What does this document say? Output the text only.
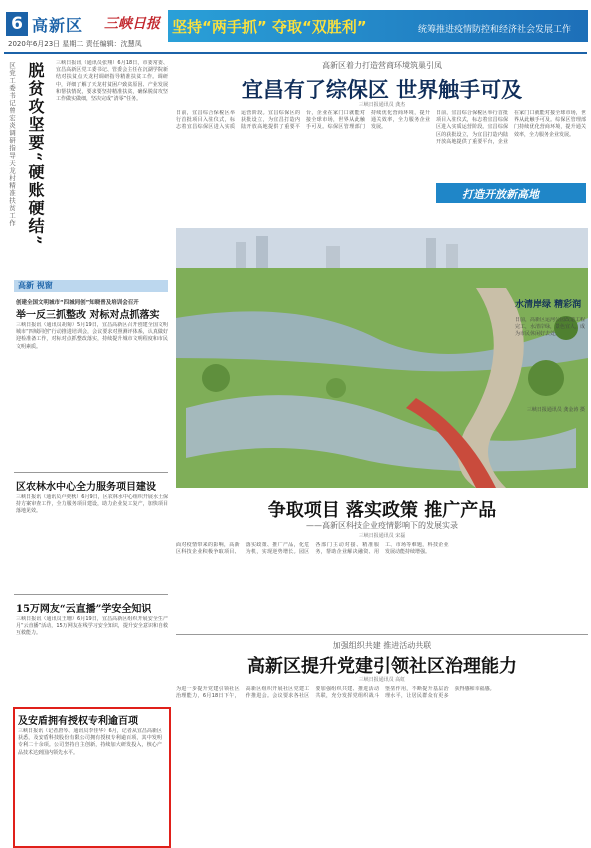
6 高新区 三峡日报
2020年6月23日 星期二 责任编辑：沈慧凤
坚持“两手抓” 夺取“双胜利”	统筹推进疫情防控和经济社会发展工作
脱贫攻坚要“硬账硬结”
区党工委书记曾宏炎调研指导天龙村精准扶贫工作	三峡日报讯（通讯员张翔）6月18日，市委常委、宜昌高新区党工委书记、管委会主任在沉湖学院新结对扶贫点天龙村调研指导精准扶贫工作。调研中，详细了解了天龙村贫困户致贫原因、产业发展和帮扶情况，要求要坚持精准扶贫，确保脱贫攻坚工作做实做细，坚决完成“清零”任务。
高新 视窗
创建全国文明城市“四城同创”知晓普及培训会召开
举一反三抓整改 对标对点抓落实
三峡日报讯（通讯员胡菊）5月19日，宜昌高新区召开创建全国文明城市“四城同创”行动推进培训会，会议要求对照测评体系，认真做好迎检准备工作，对标对点抓整改落实，持续提升城市文明程度和市民文明素质。
区农林水中心全力服务项目建设
三峡日报讯（通讯员卢奕秋）6月9日，区农林水中心组织开展水土保持方案审查工作，全力服务项目建设，助力企业复工复产，加快项目落地见效。
15万网友“云直播”学安全知识
三峡日报讯（通讯员王珊）6月19日，宜昌高新区组织开展安全生产月“云直播”活动，15万网友在线学习安全知识，提升安全意识和自救互救能力。
及安盾拥有授权专利逾百项
三峡日报讯（记者唐琴、通讯员李佳华）6月，记者从宜昌高新区获悉，及安盾科技股份有限公司拥有授权专利逾百项，其中发明专利二十余项。公司坚持自主创新，持续加大研发投入，核心产品技术达到国内领先水平。
高新区着力打造营商环境筑巢引凤
宜昌有了综保区 世界触手可及
三峡日报通讯员 龚杰
日前，宜昌综合保税区举行首批项目入驻仪式，标志着宜昌综保区进入实质运营阶段。宜昌综保区的获批设立，为宜昌打造内陆开放高地提供了重要平台，企业在家门口就能对接全球市场，世界从此触手可及。综保区管理部门持续优化营商环境，提升通关效率，全力服务企业发展。
日前，宜昌综合保税区举行首批项目入驻仪式，标志着宜昌综保区进入实质运营阶段。宜昌综保区的获批设立，为宜昌打造内陆开放高地提供了重要平台，企业在家门口就能对接全球市场，世界从此触手可及。综保区管理部门持续优化营商环境，提升通关效率，全力服务企业发展。
打造开放新高地
水清岸绿 精彩润
日前，高新区运河公园改造工程完工，水清岸绿，景色宜人，成为市民休闲好去处。
三峡日报通讯员 龚金涛 摄
争取项目 落实政策 推广产品
——高新区科技企业疫情影响下的发展实录
三峡日报通讯员 宋磊
面对疫情带来的影响，高新区科技企业积极争取项目、落实政策、推广产品，化危为机，实现逆势增长。园区各部门主动对接、精准服务，帮助企业解决融资、用工、市场等难题，科技企业发展动能持续增强。
加强组织共建 推进活动共联
高新区提升党建引领社区治理能力
三峡日报通讯员 高虹
为进一步提升党建引领社区治理能力，6月18日下午，高新区组织开展社区党建工作推进会。会议要求各社区要加强组织共建、推进活动共联，充分发挥党组织战斗堡垒作用，不断提升基层治理水平，让居民群众有更多获得感和幸福感。
